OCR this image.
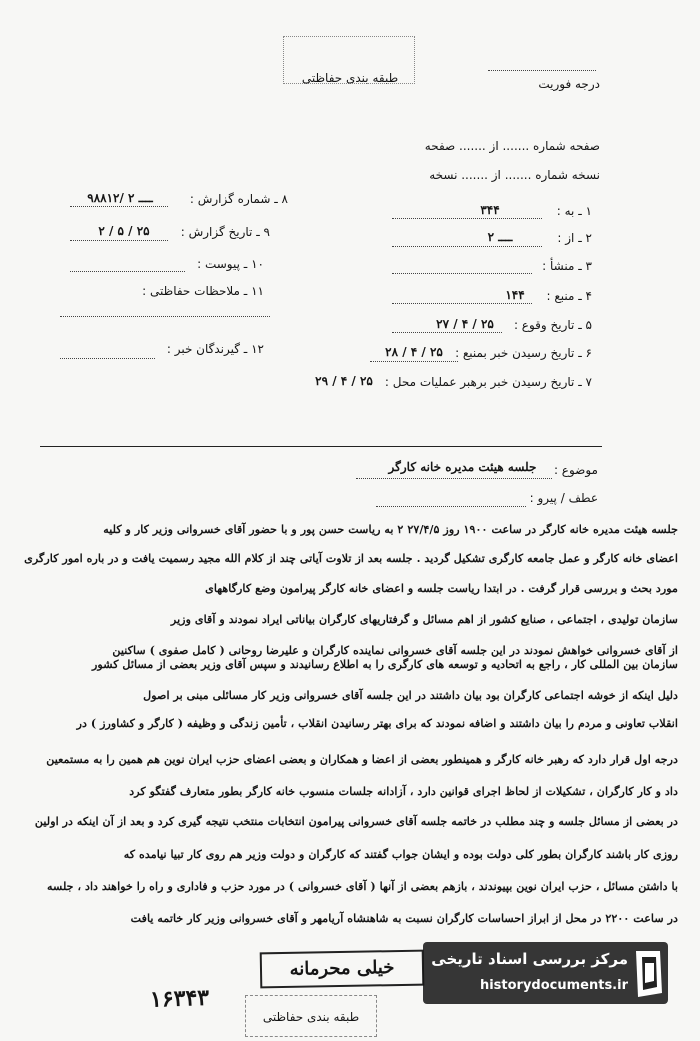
طبقه بندی حفاظتی	درجه فوریت
صفحه شماره ....... از ....... صفحه
نسخه شماره ....... از ....... نسخه
۸ ـ شماره گزارش :
۹۸۸۱۲/ ۲ ــــ
۹ ـ تاریخ گزارش :
۲ / ۵ / ۲۵
۱۰ ـ پیوست :
۱۱ ـ ملاحظات حفاظتی :
۱۲ ـ گیرندگان خبر :
۱ ـ به :
۳۴۴
۲ ـ از :
۲ ــــ
۳ ـ منشأ :
۴ ـ منبع :
۱۴۴
۵ ـ تاریخ وقوع :
۲۷ / ۴ / ۲۵
۶ ـ تاریخ رسیدن خبر بمنبع :
۲۸ / ۴ / ۲۵
۷ ـ تاریخ رسیدن خبر برهبر عملیات محل :
۲۹ / ۴ / ۲۵
موضوع :
جلسه هیئت مدیره خانه کارگر
عطف / پیرو :
جلسه هیئت مدیره خانه کارگر در ساعت ۱۹۰۰ روز ۲۷/۴/۵ ۲ به ریاست حسن پور و با حضور آقای خسروانی وزیر کار و کلیه
اعضای خانه کارگر و عمل جامعه کارگری تشکیل گردید . جلسه بعد از تلاوت آیاتی چند از کلام الله مجید رسمیت یافت و در باره امور کارگری
مورد بحث و بررسی قرار گرفت . در ابتدا ریاست جلسه و اعضای خانه کارگر پیرامون وضع کارگاههای
سازمان تولیدی ، اجتماعی ، صنایع کشور از اهم مسائل و گرفتاریهای کارگران بیاناتی ایراد نمودند و آقای وزیر
از آقای خسروانی خواهش نمودند در این جلسه آقای خسروانی نماینده کارگران و علیرضا روحانی ( کامل صفوی ) ساکنین
سازمان بین المللی کار ، راجع به اتحادیه و توسعه های کارگری را به اطلاع رسانیدند و سپس آقای وزیر بعضی از مسائل کشور
دلیل اینکه از خوشه اجتماعی کارگران بود بیان داشتند در این جلسه آقای خسروانی وزیر کار مسائلی مبنی بر اصول
انقلاب تعاونی و مردم را بیان داشتند و اضافه نمودند که برای بهتر رسانیدن انقلاب ، تأمین زندگی و وظیفه ( کارگر و کشاورز ) در
درجه اول قرار دارد که رهبر خانه کارگر و همینطور بعضی از اعضا و همکاران و بعضی اعضای حزب ایران نوین هم همین را به مستمعین
داد و کار کارگران ، تشکیلات از لحاظ اجرای قوانین دارد ، آزادانه جلسات منسوب خانه کارگر بطور متعارف گفتگو کرد
در بعضی از مسائل جلسه و چند مطلب در خاتمه جلسه آقای خسروانی پیرامون انتخابات منتخب نتیجه گیری کرد و بعد از آن اینکه در اولین
روزی کار باشند کارگران بطور کلی دولت بوده و ایشان جواب گفتند که کارگران و دولت وزیر هم روی کار تبیا نیامده که
با داشتن مسائل ، حزب ایران نوین بپیوندند ، بازهم بعضی از آنها ( آقای خسروانی ) در مورد حزب و فاداری و راه را خواهند داد ، جلسه
در ساعت ۲۲۰۰ در محل از ابراز احساسات کارگران نسبت به شاهنشاه آریامهر و آقای خسروانی وزیر کار خاتمه یافت
خیلی محرمانه
۱۶۳۴۳
طبقه بندی حفاظتی
مرکز بررسی اسناد تاریخی
historydocuments.ir
